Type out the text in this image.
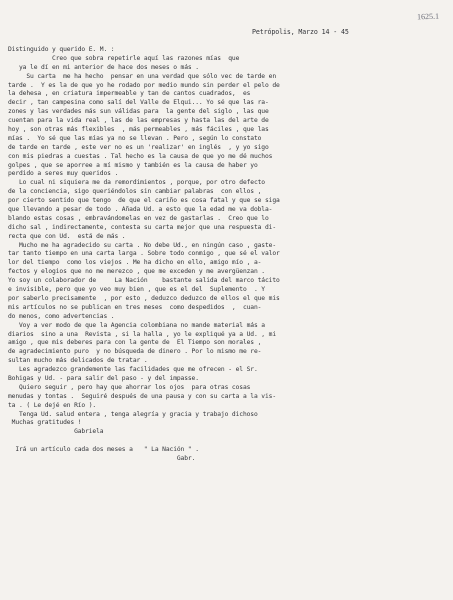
1625.1
Petrópolis, Marzo 14 - 45
Distinguido y querido E. M. :
Creo que sobra repetirle aquí las razones mías  que
ya le dí en mi anterior de hace dos meses o más .
Su carta  me ha hecho  pensar en una verdad que sólo vec de tarde en
tarde .  Y es la de que yo he rodado por medio mundo sin perder el pelo de
la dehesa , en criatura impermeable y tan de cantos cuadrados,  es
decir , tan campesina como salí del Valle de Elqui... Yo sé que las ra-
zones y las verdades más sun válidas para  la gente del siglo , las que
cuentan para la vida real , las de las empresas y hasta las del arte de
hoy , son otras más flexibles  , más permeables , más fáciles , que las
mías .  Yo sé que las mías ya no se llevan . Pero , según lo constato
de tarde en tarde , este ver no es un 'realizar' en inglés  , y yo sigo
con mis piedras a cuestas . Tal hecho es la causa de que yo me dé muchos
golpes , que se aporree a mí mismo y también es la causa de haber yo
perdido a seres muy queridos .
Lo cual ni siquiera me da remordimientos , porque, por otro defecto
de la conciencia, sigo queriéndolos sin cambiar palabras  con ellos ,
por cierto sentido que tengo  de que el cariño es cosa fatal y que se siga
que llevando a pesar de todo . Añada Ud. a esto que la edad me va dobla-
blando estas cosas , embravándomelas en vez de gastarlas .  Creo que lo
dicho sal , indirectamente, contesta su carta mejor que una respuesta di-
recta que con Ud.  está de más .
Mucho me ha agradecido su carta . No debe Ud., en ningún caso , gaste-
tar tanto tiempo en una carta larga . Sobre todo conmigo , que sé el valor
lor del tiempo  como los viejos . Me ha dicho en ello, amigo mío , a-
fectos y elogios que no me merezco , que me exceden y me avergüenzan .
Yo soy un colaborador de     La Nación    bastante salida del marco tácito
e invisible, pero que yo veo muy bien , que es el del  Suplemento  . Y
por saberlo precisamente  , por esto , deduzco deduzco de ellos el que mis
mis artículos no se publican en tres meses  como despedidos  ,  cuan-
do menos, como advertencias .
Voy a ver modo de que la Agencia colombiana no mande material más a
diarios  sino a una  Revista , si la halla , yo le expliqué ya a Ud. , mi
amigo , que mis deberes para con la gente de  El Tiempo son morales ,
de agradecimiento puro  y no búsqueda de dinero . Por lo mismo me re-
sultan mucho más delicados de tratar .
Les agradezco grandemente las facilidades que me ofrecen - el Sr.
Bohigas y Ud. - para salir del paso - y del impasse.
Quiero seguir , pero hay que ahorrar los ojos  para otras cosas
menudas y tontas .  Seguiré después de una pausa y con su carta a la vis-
ta . ( Le dejé en Río ).
Tenga Ud. salud entera , tenga alegría y gracia y trabajo dichoso
Muchas gratitudes !
Gabriela
Irá un artículo cada dos meses a   " La Nación " .
Gabr.
